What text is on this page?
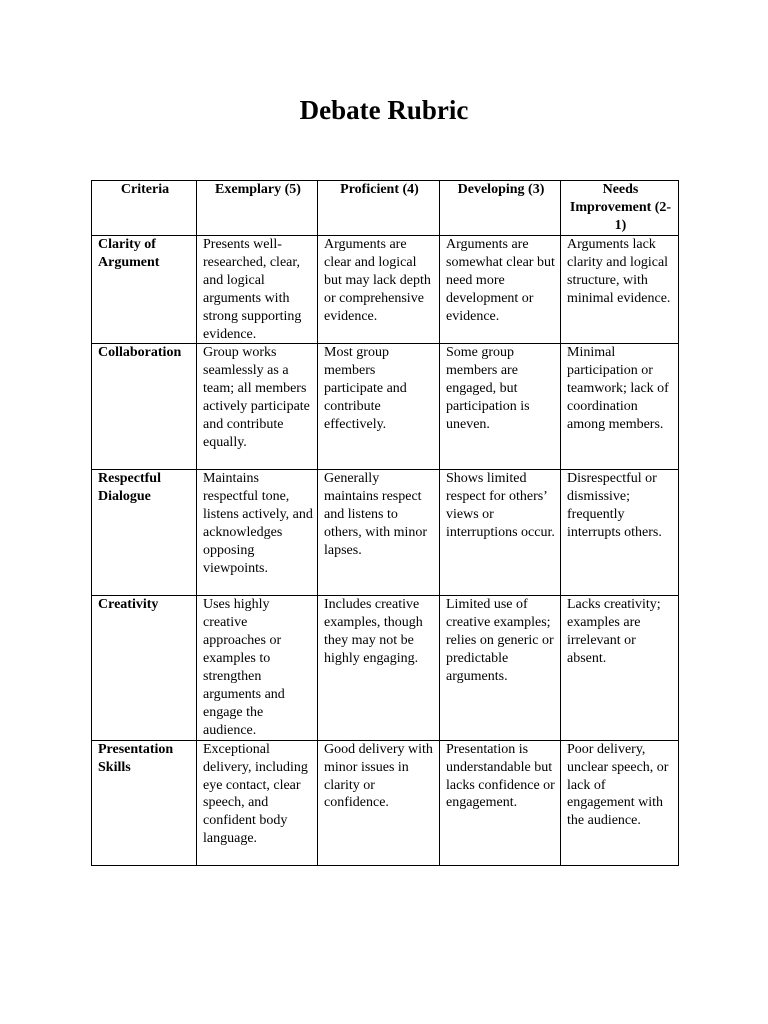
Debate Rubric
Criteria	Exemplary (5)	Proficient (4)	Developing (3)	Needs Improvement (2-1)
Clarity of Argument	Presents well-researched, clear, and logical arguments with strong supporting evidence.	Arguments are clear and logical but may lack depth or comprehensive evidence.	Arguments are somewhat clear but need more development or evidence.	Arguments lack clarity and logical structure, with minimal evidence.
Collaboration	Group works seamlessly as a team; all members actively participate and contribute equally.	Most group members participate and contribute effectively.	Some group members are engaged, but participation is uneven.	Minimal participation or teamwork; lack of coordination among members.
Respectful Dialogue	Maintains respectful tone, listens actively, and acknowledges opposing viewpoints.	Generally maintains respect and listens to others, with minor lapses.	Shows limited respect for others’ views or interruptions occur.	Disrespectful or dismissive; frequently interrupts others.
Creativity	Uses highly creative approaches or examples to strengthen arguments and engage the audience.	Includes creative examples, though they may not be highly engaging.	Limited use of creative examples; relies on generic or predictable arguments.	Lacks creativity; examples are irrelevant or absent.
Presentation Skills	Exceptional delivery, including eye contact, clear speech, and confident body language.	Good delivery with minor issues in clarity or confidence.	Presentation is understandable but lacks confidence or engagement.	Poor delivery, unclear speech, or lack of engagement with the audience.
